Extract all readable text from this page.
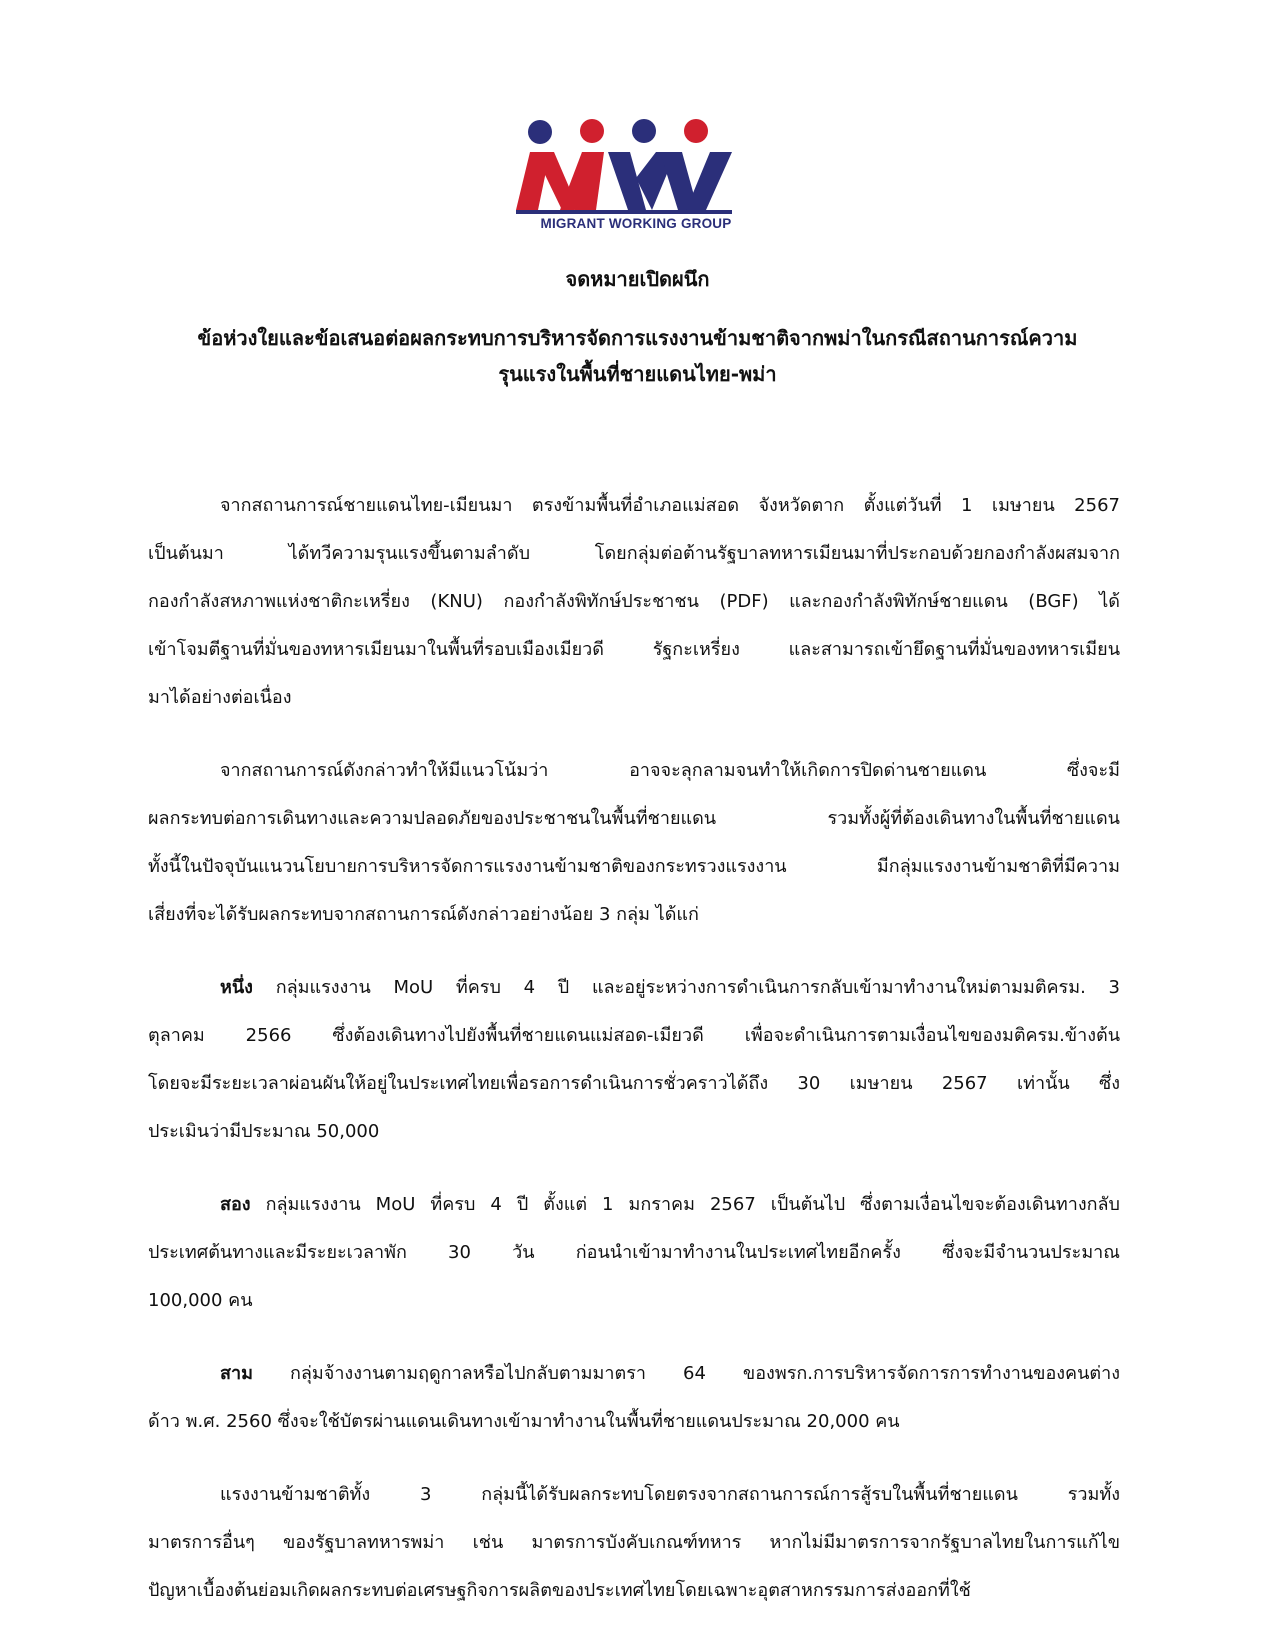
MIGRANT WORKING GROUP
จดหมายเปิดผนึก
ข้อห่วงใยและข้อเสนอต่อผลกระทบการบริหารจัดการแรงงานข้ามชาติจากพม่าในกรณีสถานการณ์ความ
รุนแรงในพื้นที่ชายแดนไทย-พม่า

จากสถานการณ์ชายแดนไทย-เมียนมา ตรงข้ามพื้นที่อำเภอแม่สอด จังหวัดตาก ตั้งแต่วันที่ 1 เมษายน 2567
เป็นต้นมา ได้ทวีความรุนแรงขึ้นตามลำดับ โดยกลุ่มต่อต้านรัฐบาลทหารเมียนมาที่ประกอบด้วยกองกำลังผสมจาก
กองกำลังสหภาพแห่งชาติกะเหรี่ยง (KNU) กองกำลังพิทักษ์ประชาชน (PDF) และกองกำลังพิทักษ์ชายแดน (BGF) ได้
เข้าโจมตีฐานที่มั่นของทหารเมียนมาในพื้นที่รอบเมืองเมียวดี รัฐกะเหรี่ยง และสามารถเข้ายึดฐานที่มั่นของทหารเมียน
มาได้อย่างต่อเนื่อง

จากสถานการณ์ดังกล่าวทำให้มีแนวโน้มว่า อาจจะลุกลามจนทำให้เกิดการปิดด่านชายแดน ซึ่งจะมี
ผลกระทบต่อการเดินทางและความปลอดภัยของประชาชนในพื้นที่ชายแดน รวมทั้งผู้ที่ต้องเดินทางในพื้นที่ชายแดน
ทั้งนี้ในปัจจุบันแนวนโยบายการบริหารจัดการแรงงานข้ามชาติของกระทรวงแรงงาน มีกลุ่มแรงงานข้ามชาติที่มีความ
เสี่ยงที่จะได้รับผลกระทบจากสถานการณ์ดังกล่าวอย่างน้อย 3 กลุ่ม ได้แก่

หนึ่ง กลุ่มแรงงาน MoU ที่ครบ 4 ปี และอยู่ระหว่างการดำเนินการกลับเข้ามาทำงานใหม่ตามมติครม. 3
ตุลาคม 2566 ซึ่งต้องเดินทางไปยังพื้นที่ชายแดนแม่สอด-เมียวดี เพื่อจะดำเนินการตามเงื่อนไขของมติครม.ข้างต้น
โดยจะมีระยะเวลาผ่อนผันให้อยู่ในประเทศไทยเพื่อรอการดำเนินการชั่วคราวได้ถึง 30 เมษายน 2567 เท่านั้น ซึ่ง
ประเมินว่ามีประมาณ 50,000

สอง กลุ่มแรงงาน MoU ที่ครบ 4 ปี ตั้งแต่ 1 มกราคม 2567 เป็นต้นไป ซึ่งตามเงื่อนไขจะต้องเดินทางกลับ
ประเทศต้นทางและมีระยะเวลาพัก 30 วัน ก่อนนำเข้ามาทำงานในประเทศไทยอีกครั้ง ซึ่งจะมีจำนวนประมาณ
100,000 คน

สาม กลุ่มจ้างงานตามฤดูกาลหรือไปกลับตามมาตรา 64 ของพรก.การบริหารจัดการการทำงานของคนต่าง
ด้าว พ.ศ. 2560 ซึ่งจะใช้บัตรผ่านแดนเดินทางเข้ามาทำงานในพื้นที่ชายแดนประมาณ 20,000 คน

แรงงานข้ามชาติทั้ง 3 กลุ่มนี้ได้รับผลกระทบโดยตรงจากสถานการณ์การสู้รบในพื้นที่ชายแดน รวมทั้ง
มาตรการอื่นๆ ของรัฐบาลทหารพม่า เช่น มาตรการบังคับเกณฑ์ทหาร หากไม่มีมาตรการจากรัฐบาลไทยในการแก้ไข
ปัญหาเบื้องต้นย่อมเกิดผลกระทบต่อเศรษฐกิจการผลิตของประเทศไทยโดยเฉพาะอุตสาหกรรมการส่งออกที่ใช้
